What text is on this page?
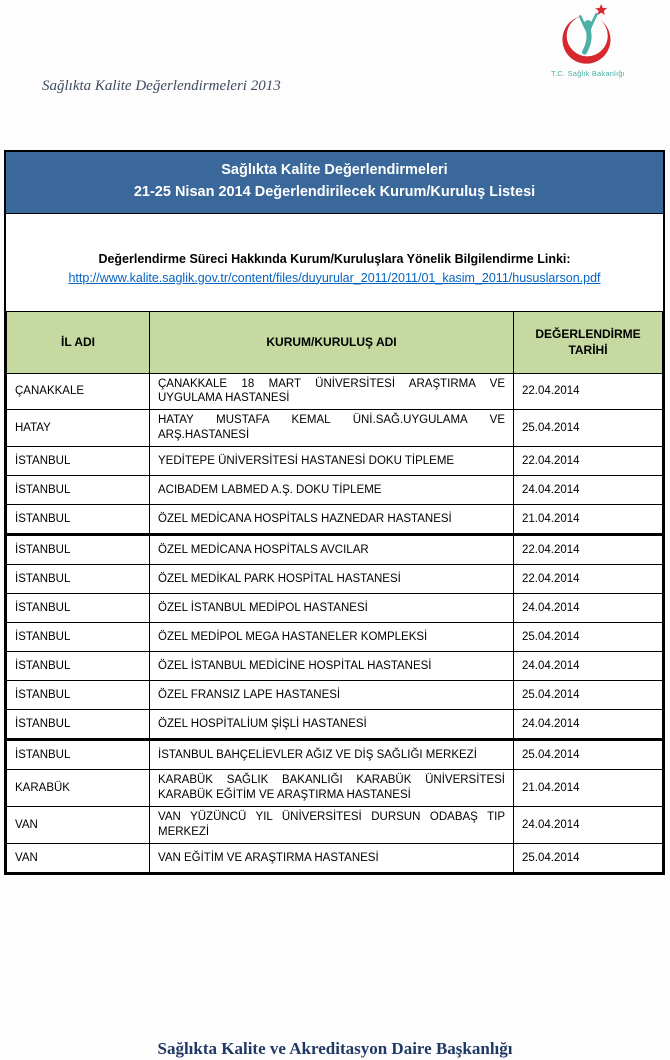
T.C. Sağlık Bakanlığı
Sağlıkta Kalite Değerlendirmeleri 2013
Sağlıkta Kalite Değerlendirmeleri
21-25 Nisan 2014 Değerlendirilecek Kurum/Kuruluş Listesi
Değerlendirme Süreci Hakkında Kurum/Kuruluşlara Yönelik Bilgilendirme Linki:
http://www.kalite.saglik.gov.tr/content/files/duyurular_2011/2011/01_kasim_2011/hususlarson.pdf
İL ADI	KURUM/KURULUŞ ADI	DEĞERLENDİRME TARİHİ
ÇANAKKALE	ÇANAKKALE 18 MART ÜNİVERSİTESİ ARAŞTIRMA VE UYGULAMA HASTANESİ	22.04.2014
HATAY	HATAY MUSTAFA KEMAL ÜNİ.SAĞ.UYGULAMA VE ARŞ.HASTANESİ	25.04.2014
İSTANBUL	YEDİTEPE ÜNİVERSİTESİ HASTANESİ DOKU TİPLEME	22.04.2014
İSTANBUL	ACIBADEM LABMED A.Ş. DOKU TİPLEME	24.04.2014
İSTANBUL	ÖZEL MEDİCANA HOSPİTALS HAZNEDAR HASTANESİ	21.04.2014
İSTANBUL	ÖZEL MEDİCANA HOSPİTALS AVCILAR	22.04.2014
İSTANBUL	ÖZEL MEDİKAL PARK HOSPİTAL HASTANESİ	22.04.2014
İSTANBUL	ÖZEL İSTANBUL MEDİPOL HASTANESİ	24.04.2014
İSTANBUL	ÖZEL MEDİPOL MEGA HASTANELER KOMPLEKSİ	25.04.2014
İSTANBUL	ÖZEL İSTANBUL MEDİCİNE HOSPİTAL HASTANESİ	24.04.2014
İSTANBUL	ÖZEL FRANSIZ LAPE HASTANESİ	25.04.2014
İSTANBUL	ÖZEL HOSPİTALİUM ŞİŞLİ HASTANESİ	24.04.2014
İSTANBUL	İSTANBUL BAHÇELİEVLER AĞIZ VE DİŞ SAĞLIĞI MERKEZİ	25.04.2014
KARABÜK	KARABÜK SAĞLIK BAKANLIĞI KARABÜK ÜNİVERSİTESİ KARABÜK EĞİTİM VE ARAŞTIRMA HASTANESİ	21.04.2014
VAN	VAN YÜZÜNCÜ YIL ÜNİVERSİTESİ DURSUN ODABAŞ TIP MERKEZİ	24.04.2014
VAN	VAN EĞİTİM VE ARAŞTIRMA HASTANESİ	25.04.2014
Sağlıkta Kalite ve Akreditasyon Daire Başkanlığı
